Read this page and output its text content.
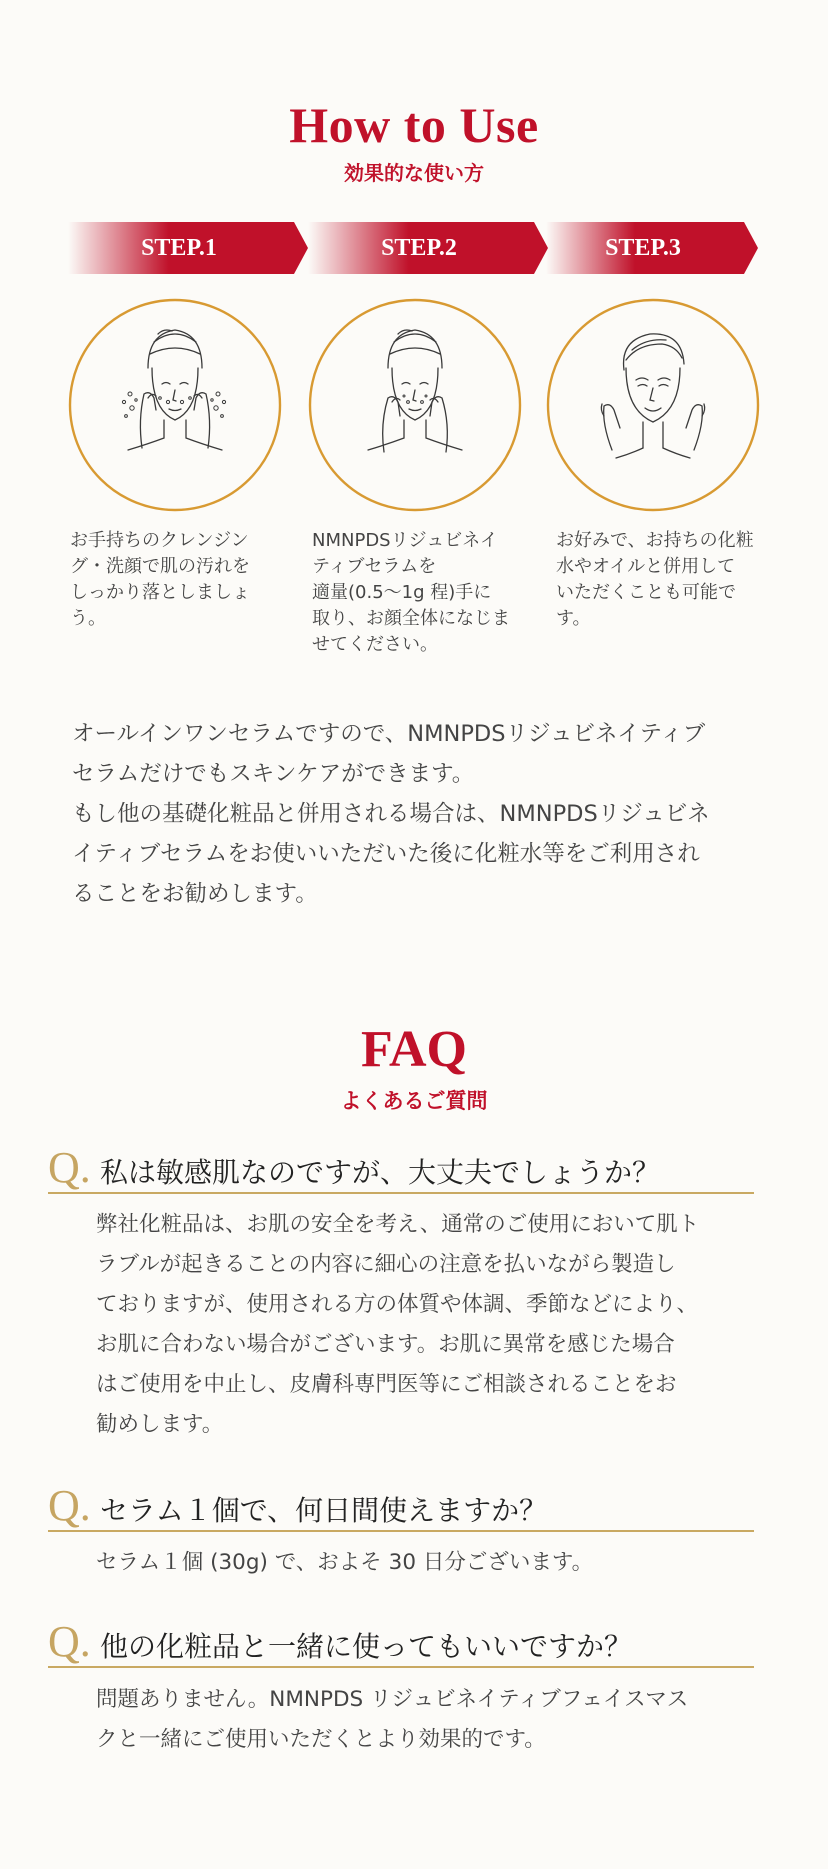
How to Use
効果的な使い方
STEP.1	STEP.2	STEP.3
お手持ちのクレンジン
グ・洗顔で肌の汚れを
しっかり落としましょ
う。
NMNPDSリジュビネイ
ティブセラムを
適量(0.5〜1g 程)手に
取り、お顔全体になじま
せてください。
お好みで、お持ちの化粧
水やオイルと併用して
いただくことも可能で
す。

オールインワンセラムですので、NMNPDSリジュビネイティブ
セラムだけでもスキンケアができます。
もし他の基礎化粧品と併用される場合は、NMNPDSリジュビネ
イティブセラムをお使いいただいた後に化粧水等をご利用され
ることをお勧めします。

FAQ
よくあるご質問
Q. 私は敏感肌なのですが、大丈夫でしょうか？

弊社化粧品は、お肌の安全を考え、通常のご使用において肌ト
ラブルが起きることの内容に細心の注意を払いながら製造し
ておりますが、使用される方の体質や体調、季節などにより、
お肌に合わない場合がございます。お肌に異常を感じた場合
はご使用を中止し、皮膚科専門医等にご相談されることをお
勧めします。

Q. セラム１個で、何日間使えますか？

セラム１個 (30g) で、およそ 30 日分ございます。

Q. 他の化粧品と一緒に使ってもいいですか？

問題ありません。NMNPDS リジュビネイティブフェイスマス
クと一緒にご使用いただくとより効果的です。
